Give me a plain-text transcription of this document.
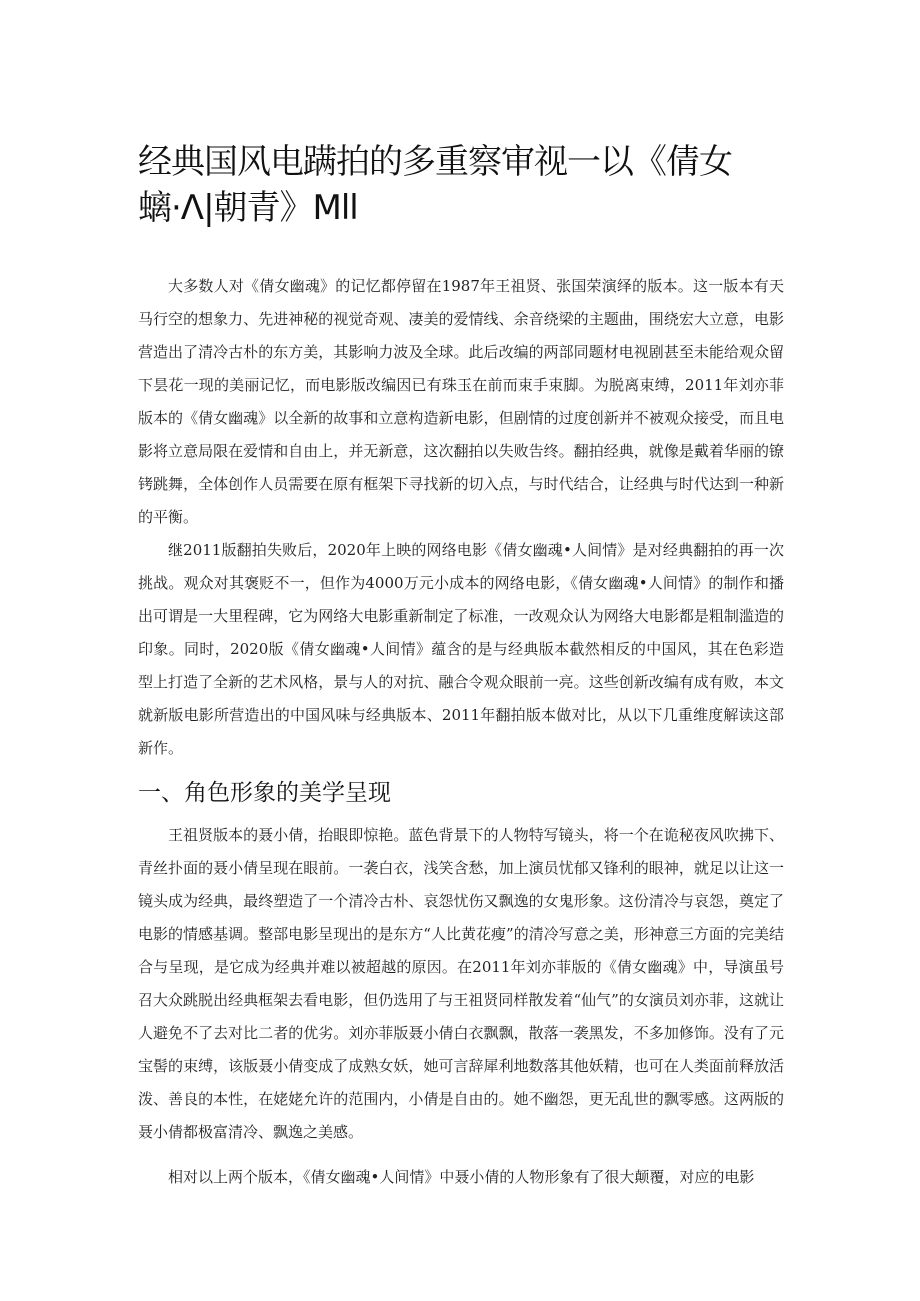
经典国风电蹒拍的多重察审视一以《倩女
螭·Λ|朝青》Mll

大多数人对《倩女幽魂》的记忆都停留在1987年王祖贤、张国荣演绎的版本。这一版本有天马行空的想象力、先进神秘的视觉奇观、凄美的爱情线、余音绕梁的主题曲，围绕宏大立意，电影营造出了清冷古朴的东方美，其影响力波及全球。此后改编的两部同题材电视剧甚至未能给观众留下昙花一现的美丽记忆，而电影版改编因已有珠玉在前而束手束脚。为脱离束缚，2011年刘亦菲版本的《倩女幽魂》以全新的故事和立意构造新电影，但剧情的过度创新并不被观众接受，而且电影将立意局限在爱情和自由上，并无新意，这次翻拍以失败告终。翻拍经典，就像是戴着华丽的镣铐跳舞，全体创作人员需要在原有框架下寻找新的切入点，与时代结合，让经典与时代达到一种新的平衡。

继2011版翻拍失败后，2020年上映的网络电影《倩女幽魂•人间情》是对经典翻拍的再一次挑战。观众对其褒贬不一，但作为4000万元小成本的网络电影，《倩女幽魂•人间情》的制作和播出可谓是一大里程碑，它为网络大电影重新制定了标准，一改观众认为网络大电影都是粗制滥造的印象。同时，2020版《倩女幽魂•人间情》蕴含的是与经典版本截然相反的中国风，其在色彩造型上打造了全新的艺术风格，景与人的对抗、融合令观众眼前一亮。这些创新改编有成有败，本文就新版电影所营造出的中国风味与经典版本、2011年翻拍版本做对比，从以下几重维度解读这部新作。

一、角色形象的美学呈现

王祖贤版本的聂小倩，抬眼即惊艳。蓝色背景下的人物特写镜头，将一个在诡秘夜风吹拂下、青丝扑面的聂小倩呈现在眼前。一袭白衣，浅笑含愁，加上演员忧郁又锋利的眼神，就足以让这一镜头成为经典，最终塑造了一个清冷古朴、哀怨忧伤又飘逸的女鬼形象。这份清冷与哀怨，奠定了电影的情感基调。整部电影呈现出的是东方“人比黄花瘦”的清冷写意之美，形神意三方面的完美结合与呈现，是它成为经典并难以被超越的原因。在2011年刘亦菲版的《倩女幽魂》中，导演虽号召大众跳脱出经典框架去看电影，但仍选用了与王祖贤同样散发着“仙气”的女演员刘亦菲，这就让人避免不了去对比二者的优劣。刘亦菲版聂小倩白衣飘飘，散落一袭黑发，不多加修饰。没有了元宝髻的束缚，该版聂小倩变成了成熟女妖，她可言辞犀利地数落其他妖精，也可在人类面前释放活泼、善良的本性，在姥姥允许的范围内，小倩是自由的。她不幽怨，更无乱世的飘零感。这两版的聂小倩都极富清冷、飘逸之美感。

相对以上两个版本，《倩女幽魂•人间情》中聂小倩的人物形象有了很大颠覆，对应的电影
